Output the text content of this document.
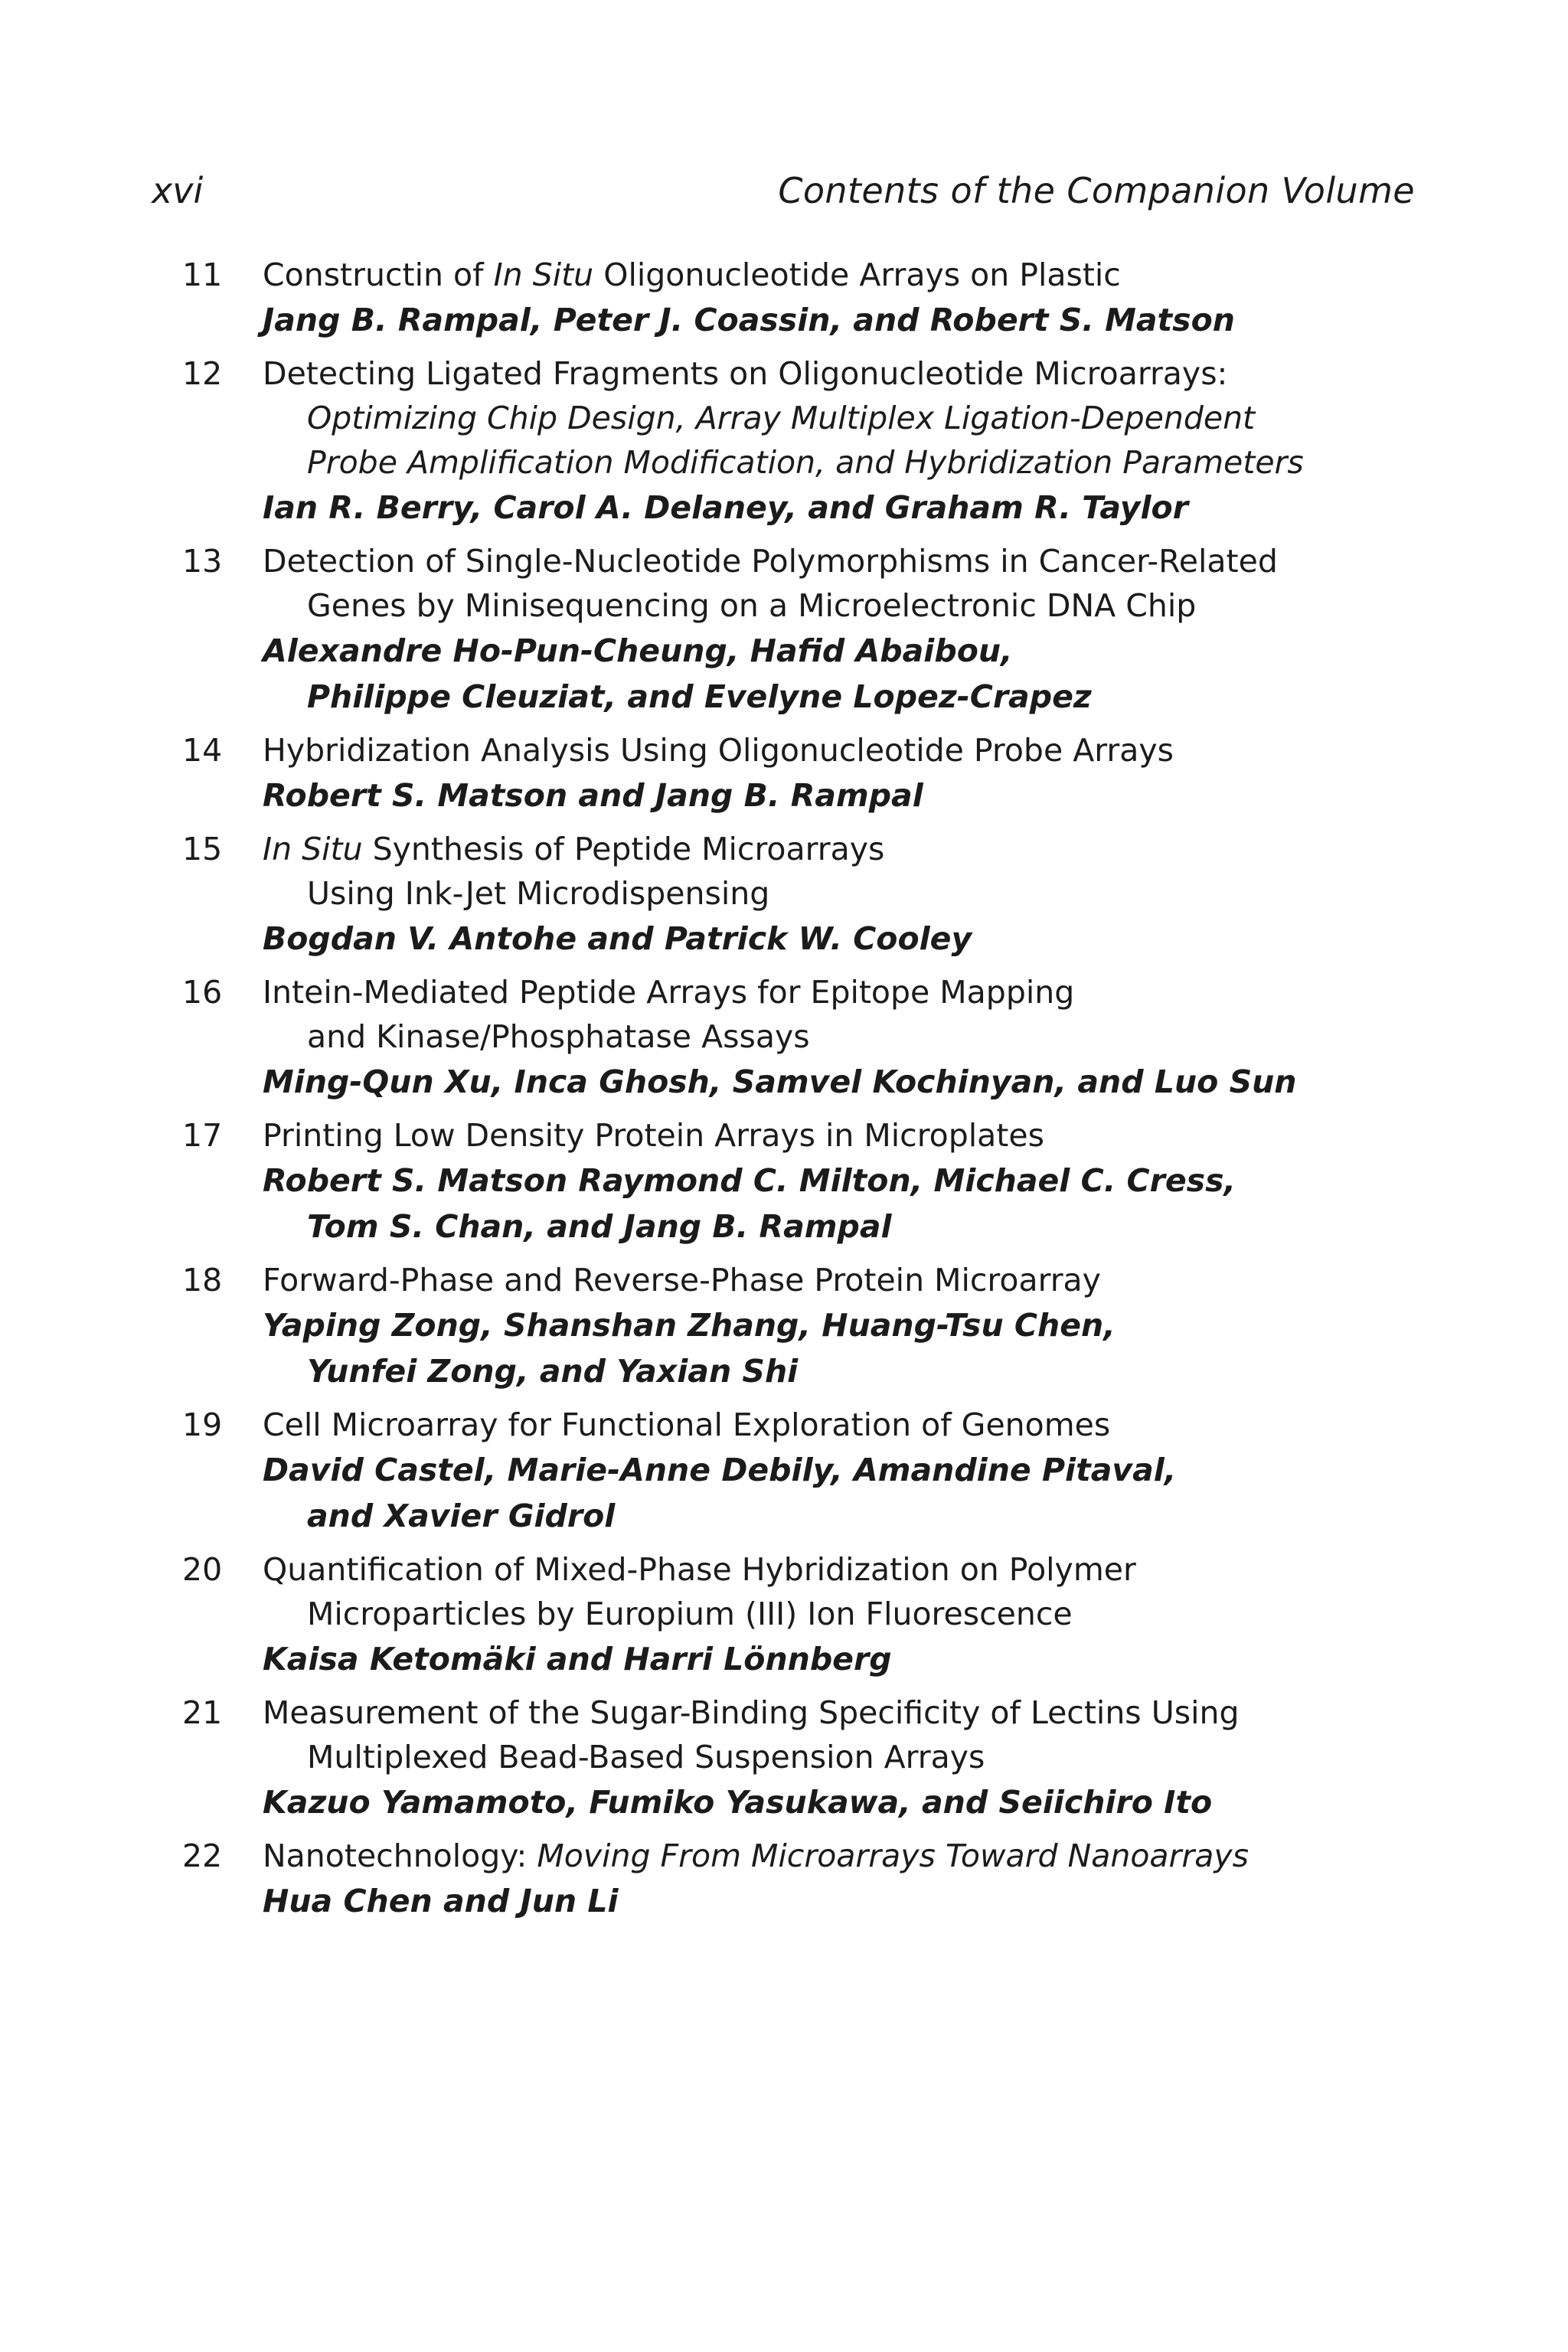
xvi	Contents of the Companion Volume
11 Constructin of In Situ Oligonucleotide Arrays on Plastic
Jang B. Rampal, Peter J. Coassin, and Robert S. Matson
12 Detecting Ligated Fragments on Oligonucleotide Microarrays:
Optimizing Chip Design, Array Multiplex Ligation-Dependent
Probe Amplification Modification, and Hybridization Parameters
Ian R. Berry, Carol A. Delaney, and Graham R. Taylor
13 Detection of Single-Nucleotide Polymorphisms in Cancer-Related
Genes by Minisequencing on a Microelectronic DNA Chip
Alexandre Ho-Pun-Cheung, Hafid Abaibou,
Philippe Cleuziat, and Evelyne Lopez-Crapez
14 Hybridization Analysis Using Oligonucleotide Probe Arrays
Robert S. Matson and Jang B. Rampal
15 In Situ Synthesis of Peptide Microarrays
Using Ink-Jet Microdispensing
Bogdan V. Antohe and Patrick W. Cooley
16 Intein-Mediated Peptide Arrays for Epitope Mapping
and Kinase/Phosphatase Assays
Ming-Qun Xu, Inca Ghosh, Samvel Kochinyan, and Luo Sun
17 Printing Low Density Protein Arrays in Microplates
Robert S. Matson Raymond C. Milton, Michael C. Cress,
Tom S. Chan, and Jang B. Rampal
18 Forward-Phase and Reverse-Phase Protein Microarray
Yaping Zong, Shanshan Zhang, Huang-Tsu Chen,
Yunfei Zong, and Yaxian Shi
19 Cell Microarray for Functional Exploration of Genomes
David Castel, Marie-Anne Debily, Amandine Pitaval,
and Xavier Gidrol
20 Quantification of Mixed-Phase Hybridization on Polymer
Microparticles by Europium (III) Ion Fluorescence
Kaisa Ketomäki and Harri Lönnberg
21 Measurement of the Sugar-Binding Specificity of Lectins Using
Multiplexed Bead-Based Suspension Arrays
Kazuo Yamamoto, Fumiko Yasukawa, and Seiichiro Ito
22 Nanotechnology: Moving From Microarrays Toward Nanoarrays
Hua Chen and Jun Li
